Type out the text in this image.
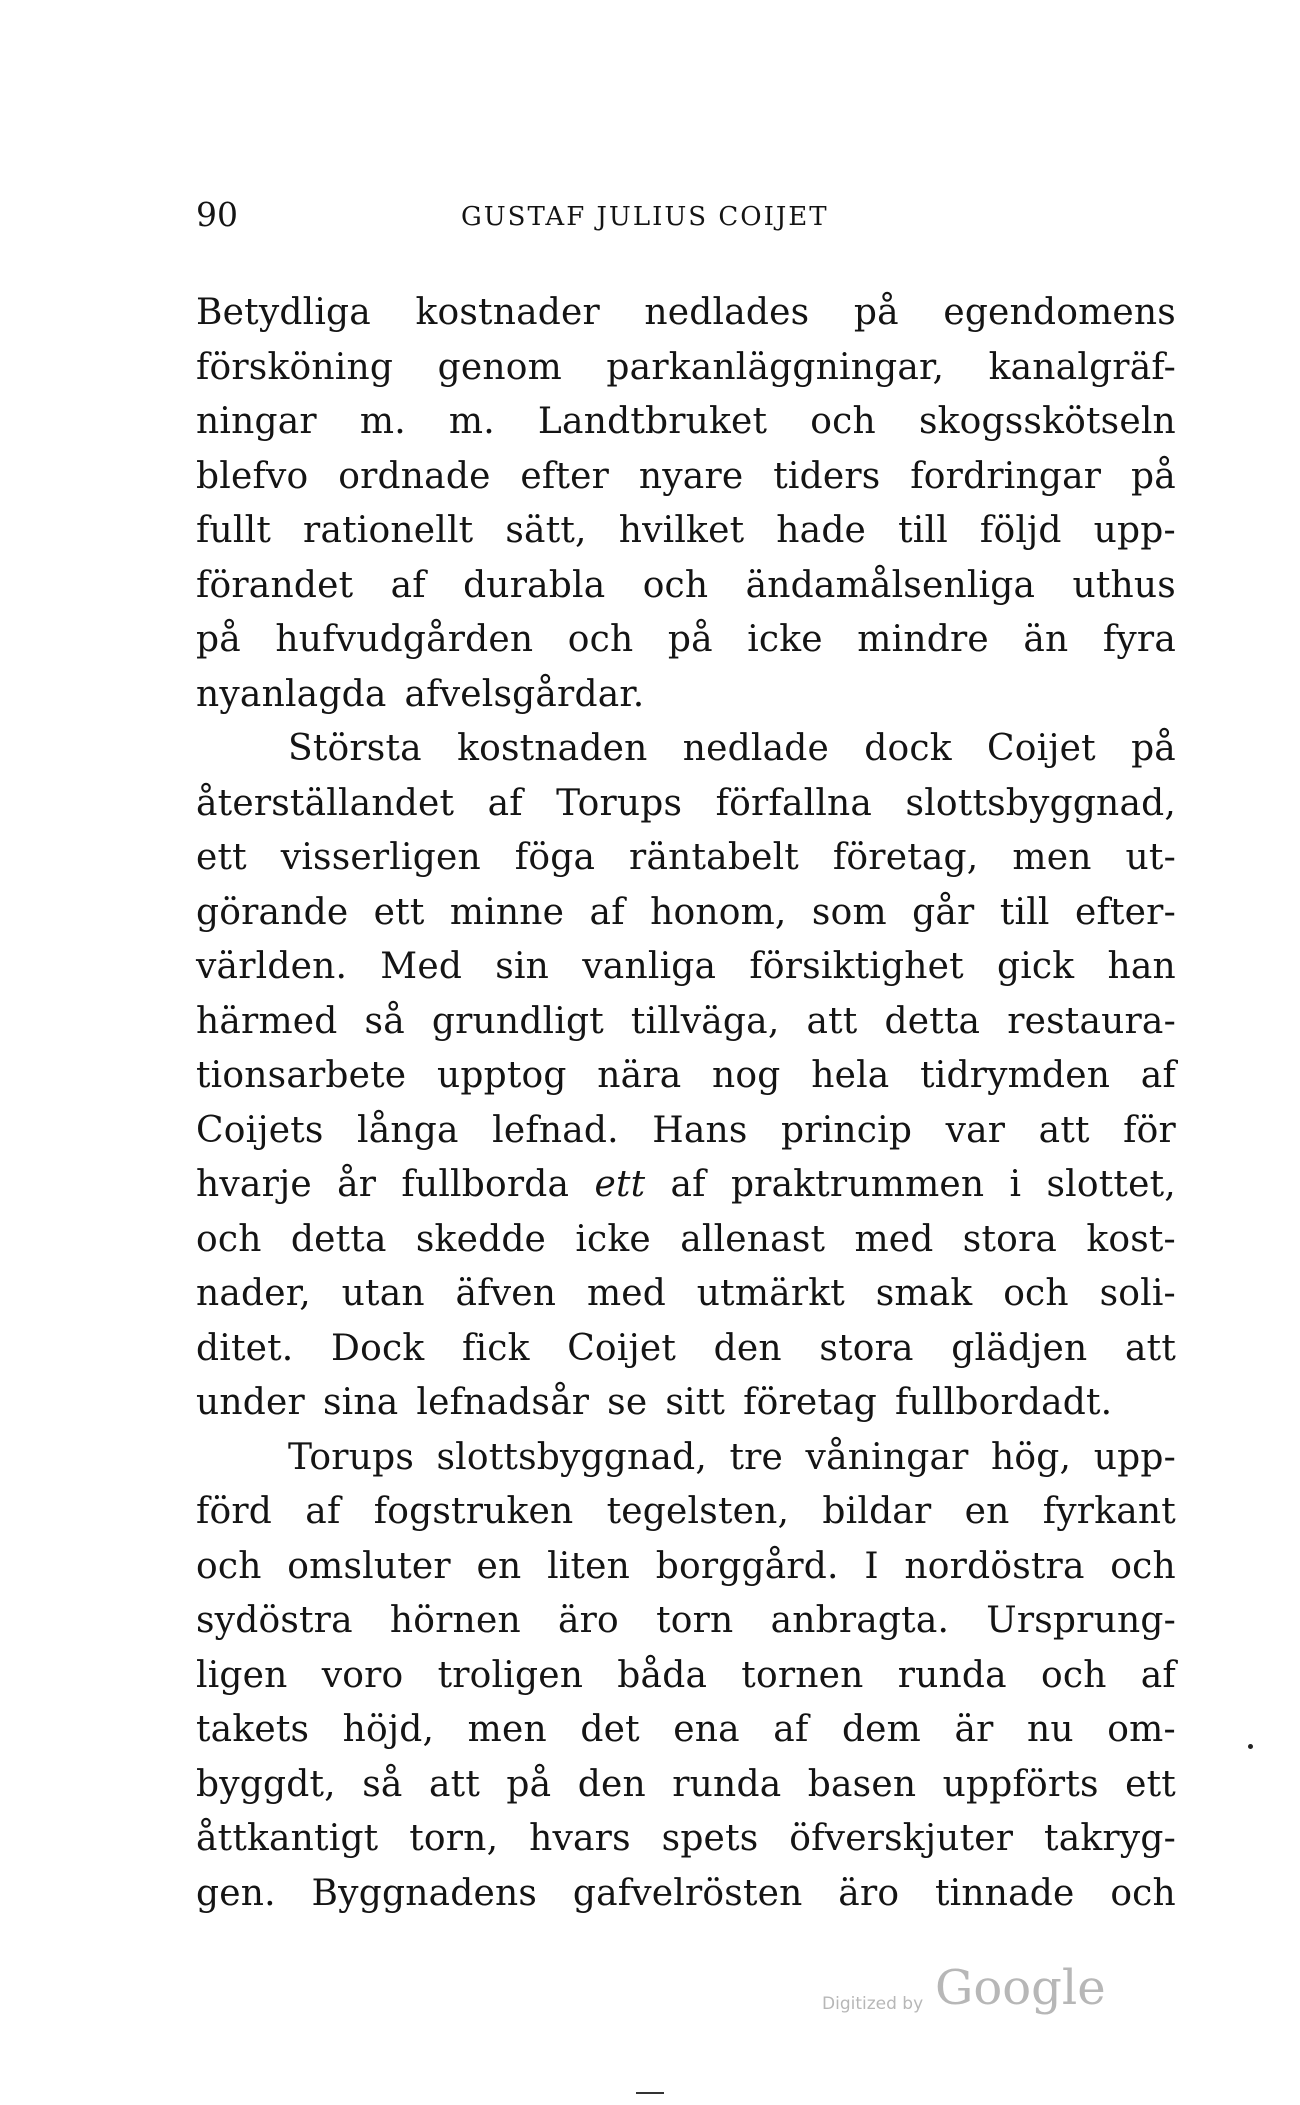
90	GUSTAF JULIUS COIJET
Betydliga kostnader nedlades på egendomens
försköning genom parkanläggningar, kanalgräf-
ningar m. m. Landtbruket och skogsskötseln
blefvo ordnade efter nyare tiders fordringar på
fullt rationellt sätt, hvilket hade till följd upp-
förandet af durabla och ändamålsenliga uthus
på hufvudgården och på icke mindre än fyra
nyanlagda afvelsgårdar.
Största kostnaden nedlade dock Coijet på
återställandet af Torups förfallna slottsbyggnad,
ett visserligen föga räntabelt företag, men ut-
görande ett minne af honom, som går till efter-
världen. Med sin vanliga försiktighet gick han
härmed så grundligt tillväga, att detta restaura-
tionsarbete upptog nära nog hela tidrymden af
Coijets långa lefnad. Hans princip var att för
hvarje år fullborda ett af praktrummen i slottet,
och detta skedde icke allenast med stora kost-
nader, utan äfven med utmärkt smak och soli-
ditet. Dock fick Coijet den stora glädjen att
under sina lefnadsår se sitt företag fullbordadt.
Torups slottsbyggnad, tre våningar hög, upp-
förd af fogstruken tegelsten, bildar en fyrkant
och omsluter en liten borggård. I nordöstra och
sydöstra hörnen äro torn anbragta. Ursprung-
ligen voro troligen båda tornen runda och af
takets höjd, men det ena af dem är nu om-
byggdt, så att på den runda basen uppförts ett
åttkantigt torn, hvars spets öfverskjuter takryg-
gen. Byggnadens gafvelrösten äro tinnade och
Digitized by Google
